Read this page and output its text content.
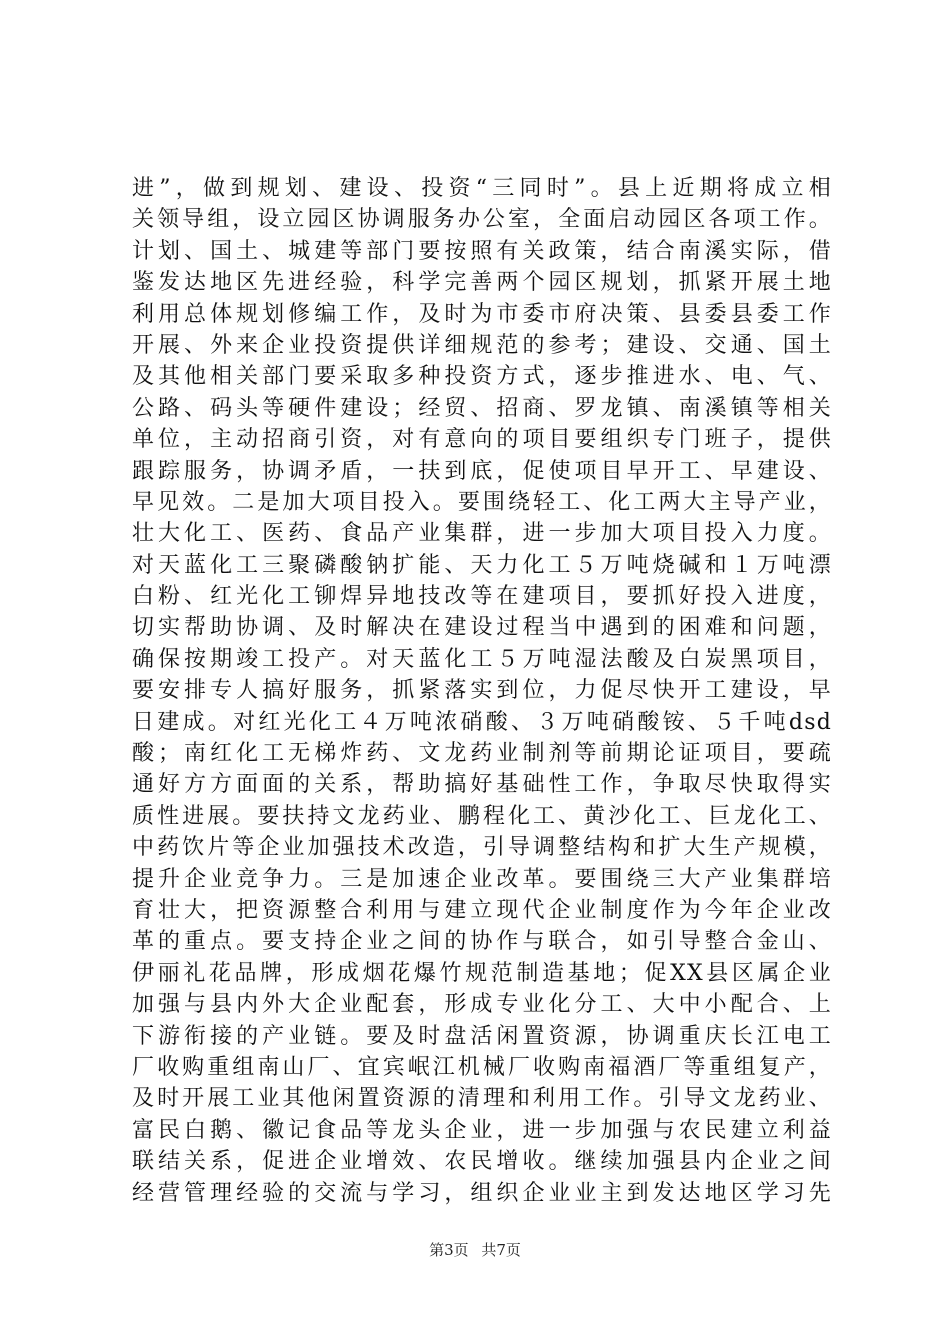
进”，做到规划、建设、投资“三同时”。县上近期将成立相
关领导组，设立园区协调服务办公室，全面启动园区各项工作。
计划、国土、城建等部门要按照有关政策，结合南溪实际，借
鉴发达地区先进经验，科学完善两个园区规划，抓紧开展土地
利用总体规划修编工作，及时为市委市府决策、县委县委工作
开展、外来企业投资提供详细规范的参考；建设、交通、国土
及其他相关部门要采取多种投资方式，逐步推进水、电、气、
公路、码头等硬件建设；经贸、招商、罗龙镇、南溪镇等相关
单位，主动招商引资，对有意向的项目要组织专门班子，提供
跟踪服务，协调矛盾，一扶到底，促使项目早开工、早建设、
早见效。二是加大项目投入。要围绕轻工、化工两大主导产业，
壮大化工、医药、食品产业集群，进一步加大项目投入力度。
对天蓝化工三聚磷酸钠扩能、天力化工５万吨烧碱和１万吨漂
白粉、红光化工铆焊异地技改等在建项目，要抓好投入进度，
切实帮助协调、及时解决在建设过程当中遇到的困难和问题，
确保按期竣工投产。对天蓝化工５万吨湿法酸及白炭黑项目，
要安排专人搞好服务，抓紧落实到位，力促尽快开工建设，早
日建成。对红光化工４万吨浓硝酸、３万吨硝酸铵、５千吨dsd
酸；南红化工无梯炸药、文龙药业制剂等前期论证项目，要疏
通好方方面面的关系，帮助搞好基础性工作，争取尽快取得实
质性进展。要扶持文龙药业、鹏程化工、黄沙化工、巨龙化工、
中药饮片等企业加强技术改造，引导调整结构和扩大生产规模，
提升企业竞争力。三是加速企业改革。要围绕三大产业集群培
育壮大，把资源整合利用与建立现代企业制度作为今年企业改
革的重点。要支持企业之间的协作与联合，如引导整合金山、
伊丽礼花品牌，形成烟花爆竹规范制造基地；促XX县区属企业
加强与县内外大企业配套，形成专业化分工、大中小配合、上
下游衔接的产业链。要及时盘活闲置资源，协调重庆长江电工
厂收购重组南山厂、宜宾岷江机械厂收购南福酒厂等重组复产，
及时开展工业其他闲置资源的清理和利用工作。引导文龙药业、
富民白鹅、徽记食品等龙头企业，进一步加强与农民建立利益
联结关系，促进企业增效、农民增收。继续加强县内企业之间
经营管理经验的交流与学习，组织企业业主到发达地区学习先
第3页 共7页
